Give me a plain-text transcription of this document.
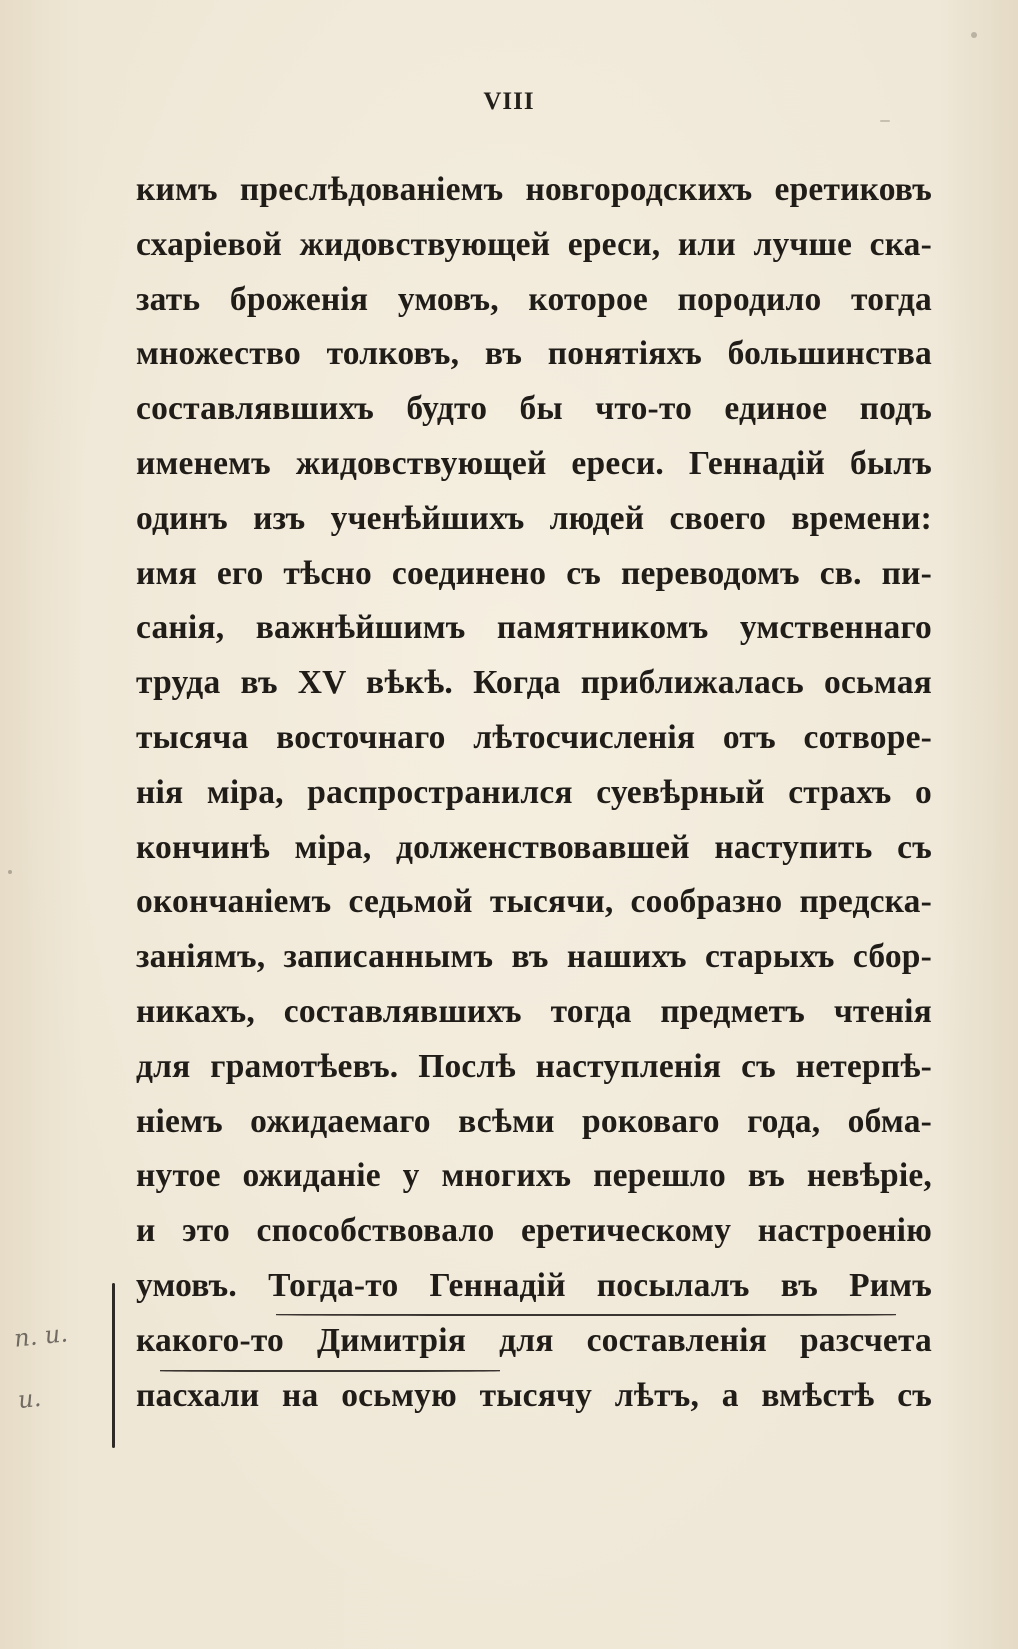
VIII
кимъ преслѣдованіемъ новгородскихъ еретиковъ
схаріевой жидовствующей ереси, или лучше ска-
зать броженія умовъ, которое породило тогда
множество толковъ, въ понятіяхъ большинства
составлявшихъ будто бы что-то единое подъ
именемъ жидовствующей ереси. Геннадій былъ
одинъ изъ ученѣйшихъ людей своего времени:
имя его тѣсно соединено съ переводомъ св. пи-
санія, важнѣйшимъ памятникомъ умственнаго
труда въ XV вѣкѣ. Когда приближалась осьмая
тысяча восточнаго лѣтосчисленія отъ сотворе-
нія міра, распространился суевѣрный страхъ о
кончинѣ міра, долженствовавшей наступить съ
окончаніемъ седьмой тысячи, сообразно предска-
заніямъ, записаннымъ въ нашихъ старыхъ сбор-
никахъ, составлявшихъ тогда предметъ чтенія
для грамотѣевъ. Послѣ наступленія съ нетерпѣ-
ніемъ ожидаемаго всѣми роковаго года, обма-
нутое ожиданіе у многихъ перешло въ невѣріе,
и это способствовало еретическому настроенію
умовъ. Тогда-то Геннадій посылалъ въ Римъ
какого-то Димитрія для составленія разсчета
пасхали на осьмую тысячу лѣтъ, а вмѣстѣ съ
п. и.
и.
